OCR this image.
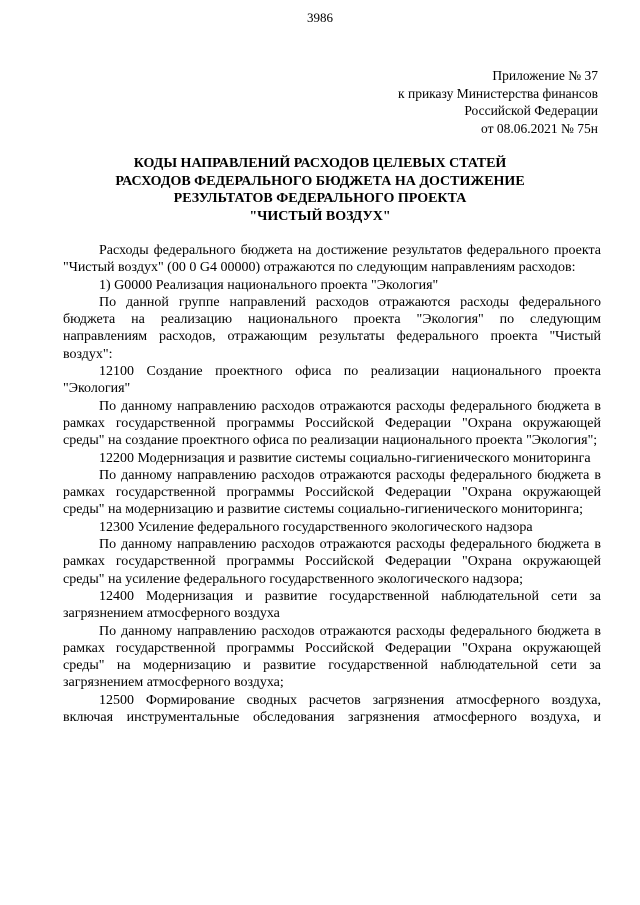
3986
Приложение № 37
к приказу Министерства финансов
Российской Федерации
от 08.06.2021 № 75н
КОДЫ НАПРАВЛЕНИЙ РАСХОДОВ ЦЕЛЕВЫХ СТАТЕЙ
РАСХОДОВ ФЕДЕРАЛЬНОГО БЮДЖЕТА НА ДОСТИЖЕНИЕ
РЕЗУЛЬТАТОВ ФЕДЕРАЛЬНОГО ПРОЕКТА
"ЧИСТЫЙ ВОЗДУХ"

Расходы федерального бюджета на достижение результатов федерального проекта "Чистый воздух" (00 0 G4 00000) отражаются по следующим направлениям расходов:

1) G0000 Реализация национального проекта "Экология"

По данной группе направлений расходов отражаются расходы федерального бюджета на реализацию национального проекта "Экология" по следующим направлениям расходов, отражающим результаты федерального проекта "Чистый воздух":

12100 Создание проектного офиса по реализации национального проекта "Экология"

По данному направлению расходов отражаются расходы федерального бюджета в рамках государственной программы Российской Федерации "Охрана окружающей среды" на создание проектного офиса по реализации национального проекта "Экология";

12200 Модернизация и развитие системы социально-гигиенического мониторинга

По данному направлению расходов отражаются расходы федерального бюджета в рамках государственной программы Российской Федерации "Охрана окружающей среды" на модернизацию и развитие системы социально-гигиенического мониторинга;

12300 Усиление федерального государственного экологического надзора

По данному направлению расходов отражаются расходы федерального бюджета в рамках государственной программы Российской Федерации "Охрана окружающей среды" на усиление федерального государственного экологического надзора;

12400 Модернизация и развитие государственной наблюдательной сети за загрязнением атмосферного воздуха

По данному направлению расходов отражаются расходы федерального бюджета в рамках государственной программы Российской Федерации "Охрана окружающей среды" на модернизацию и развитие государственной наблюдательной сети за загрязнением атмосферного воздуха;

12500 Формирование сводных расчетов загрязнения атмосферного воздуха, включая инструментальные обследования загрязнения атмосферного воздуха, и
